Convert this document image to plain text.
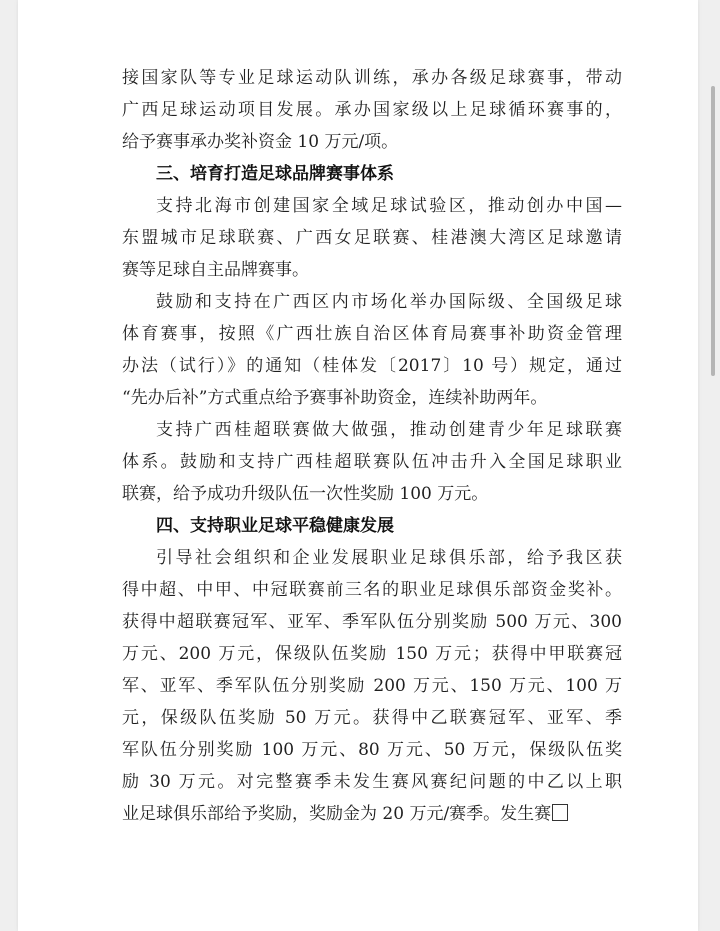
接国家队等专业足球运动队训练，承办各级足球赛事，带动
广西足球运动项目发展。承办国家级以上足球循环赛事的，
给予赛事承办奖补资金 10 万元/项。
三、培育打造足球品牌赛事体系
支持北海市创建国家全域足球试验区，推动创办中国—
东盟城市足球联赛、广西女足联赛、桂港澳大湾区足球邀请
赛等足球自主品牌赛事。
鼓励和支持在广西区内市场化举办国际级、全国级足球
体育赛事，按照《广西壮族自治区体育局赛事补助资金管理
办法（试行）》的通知（桂体发〔2017〕10 号）规定，通过
“先办后补”方式重点给予赛事补助资金，连续补助两年。
支持广西桂超联赛做大做强，推动创建青少年足球联赛
体系。鼓励和支持广西桂超联赛队伍冲击升入全国足球职业
联赛，给予成功升级队伍一次性奖励 100 万元。
四、支持职业足球平稳健康发展
引导社会组织和企业发展职业足球俱乐部，给予我区获
得中超、中甲、中冠联赛前三名的职业足球俱乐部资金奖补。
获得中超联赛冠军、亚军、季军队伍分别奖励 500 万元、300
万元、200 万元，保级队伍奖励 150 万元；获得中甲联赛冠
军、亚军、季军队伍分别奖励 200 万元、150 万元、100 万
元，保级队伍奖励 50 万元。获得中乙联赛冠军、亚军、季
军队伍分别奖励 100 万元、80 万元、50 万元，保级队伍奖
励 30 万元。对完整赛季未发生赛风赛纪问题的中乙以上职
业足球俱乐部给予奖励，奖励金为 20 万元/赛季。发生赛
